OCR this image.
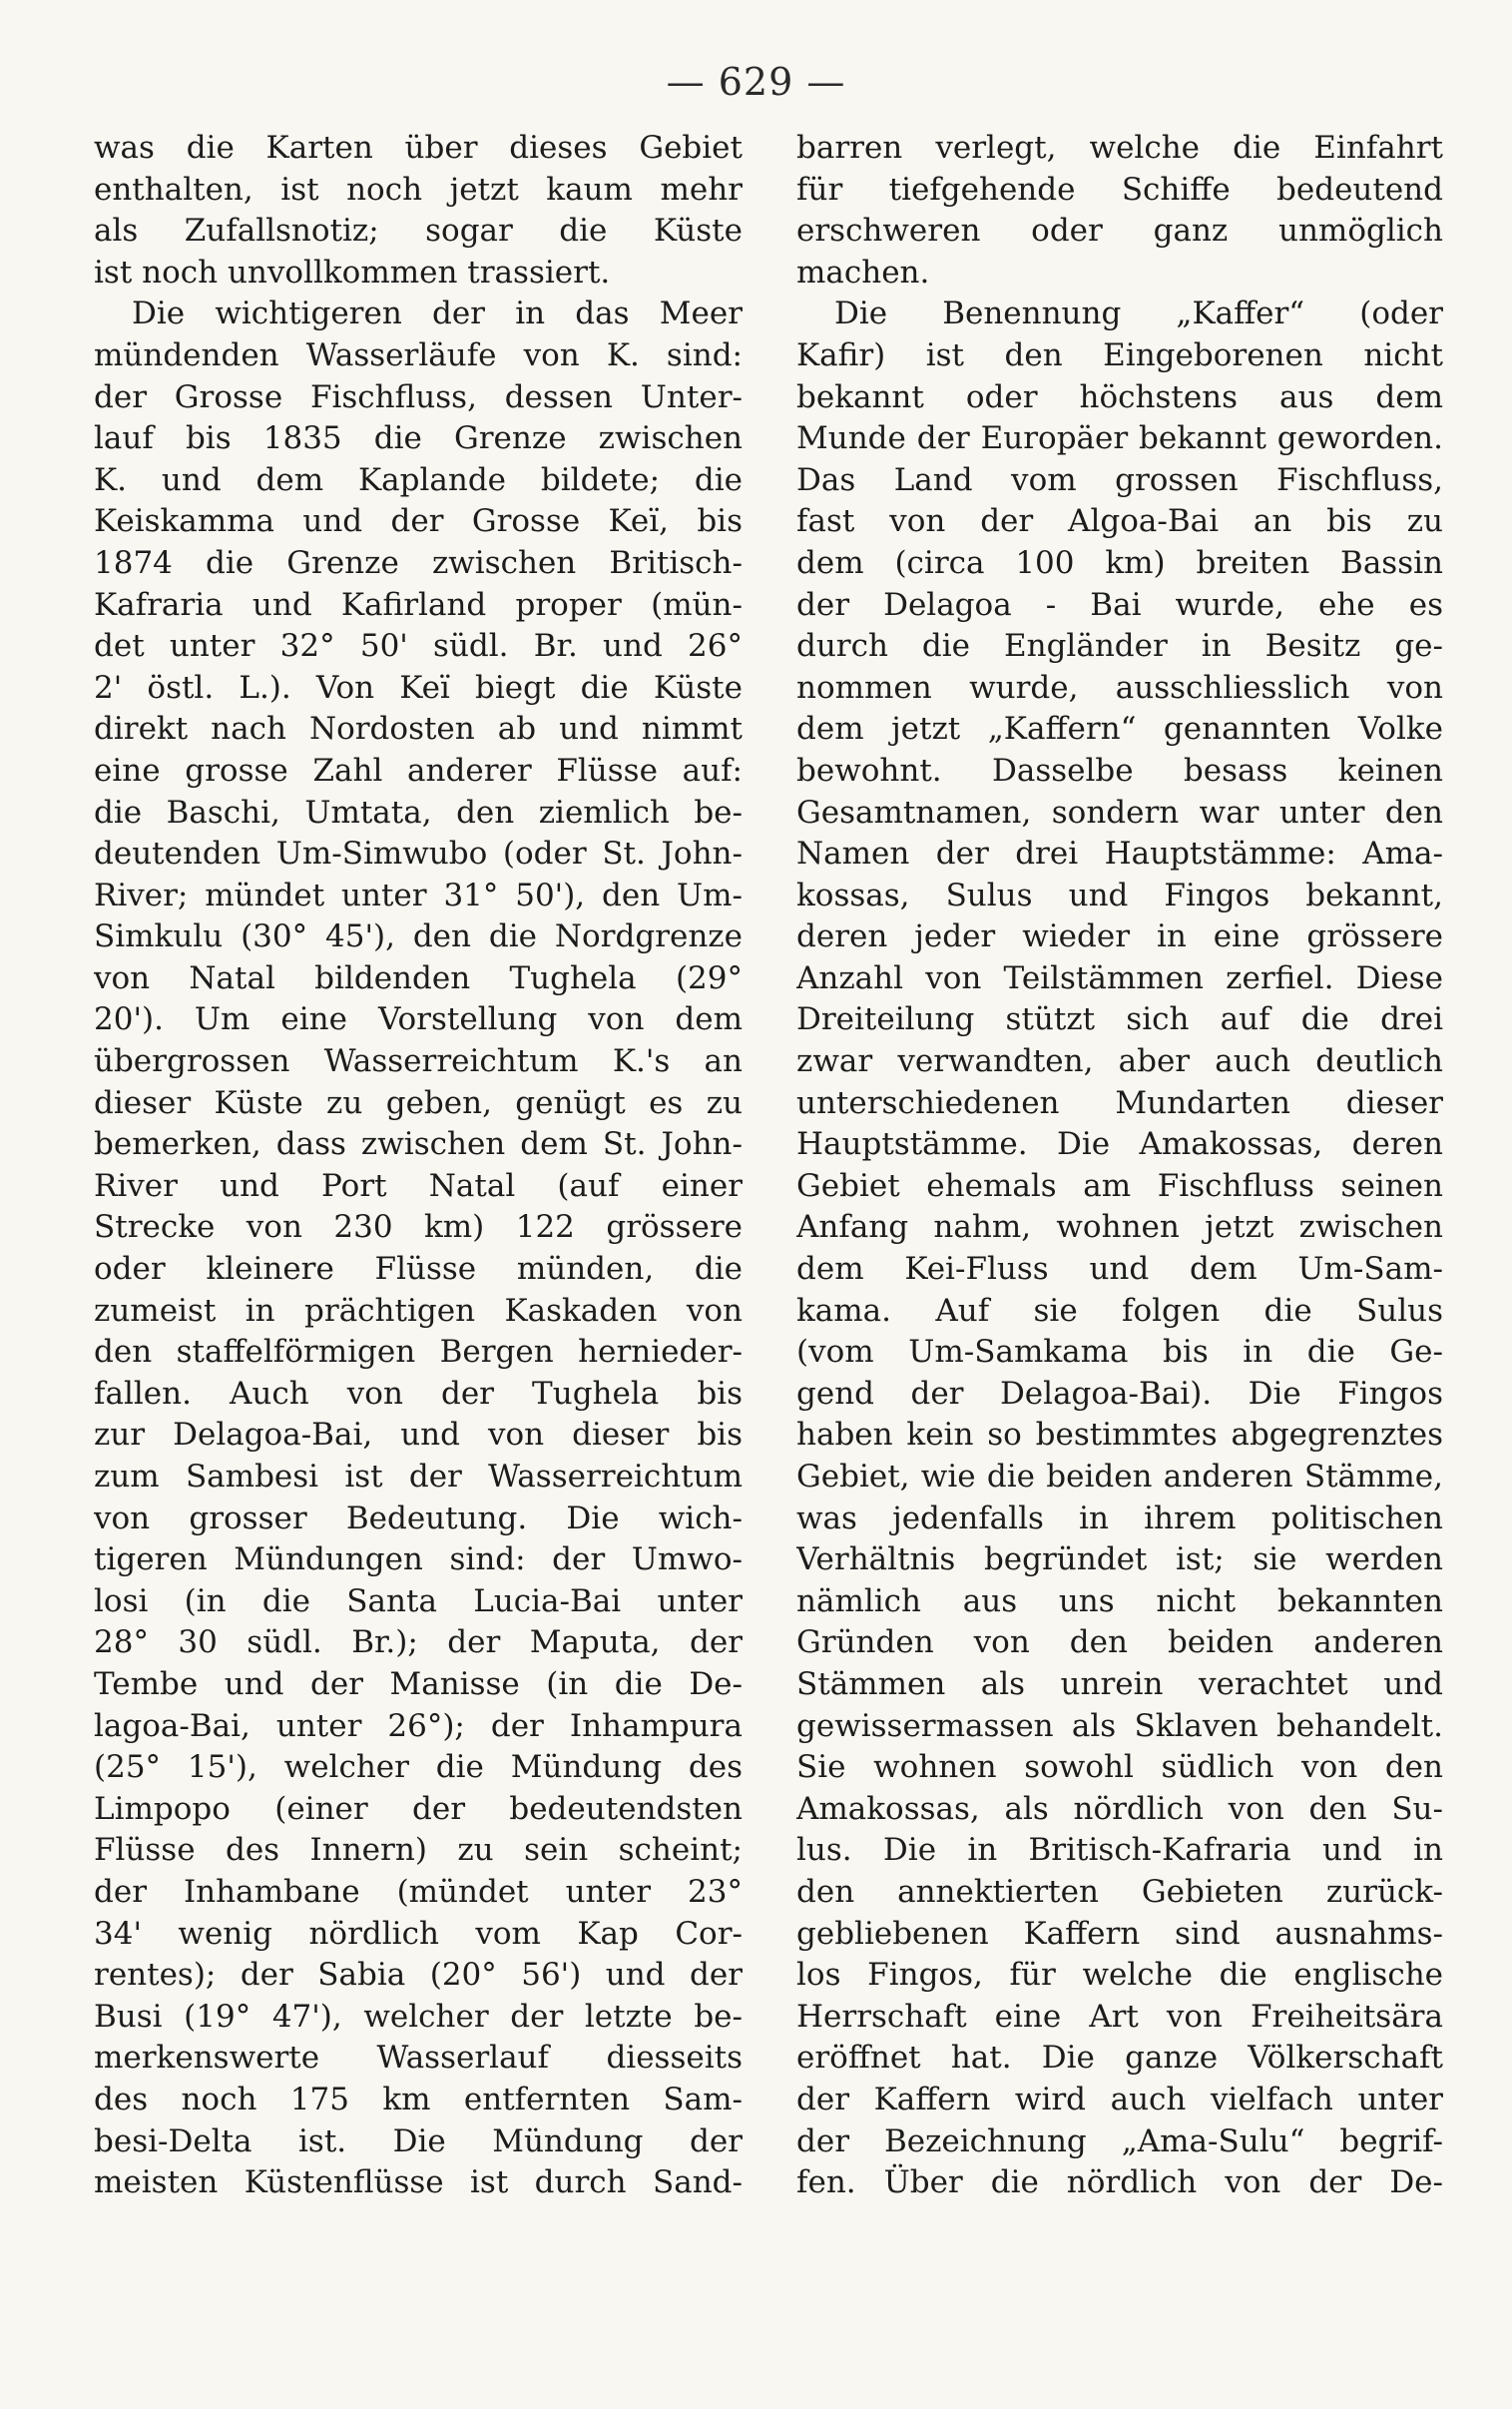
— 629 —
was die Karten über dieses Gebiet
enthalten, ist noch jetzt kaum mehr
als Zufallsnotiz; sogar die Küste
ist noch unvollkommen trassiert.
Die wichtigeren der in das Meer
mündenden Wasserläufe von K. sind:
der Grosse Fischfluss, dessen Unter-
lauf bis 1835 die Grenze zwischen
K. und dem Kaplande bildete; die
Keiskamma und der Grosse Keï, bis
1874 die Grenze zwischen Britisch-
Kafraria und Kafirland proper (mün-
det unter 32° 50' südl. Br. und 26°
2' östl. L.). Von Keï biegt die Küste
direkt nach Nordosten ab und nimmt
eine grosse Zahl anderer Flüsse auf:
die Baschi, Umtata, den ziemlich be-
deutenden Um-Simwubo (oder St. John-
River; mündet unter 31° 50'), den Um-
Simkulu (30° 45'), den die Nordgrenze
von Natal bildenden Tughela (29°
20'). Um eine Vorstellung von dem
übergrossen Wasserreichtum K.'s an
dieser Küste zu geben, genügt es zu
bemerken, dass zwischen dem St. John-
River und Port Natal (auf einer
Strecke von 230 km) 122 grössere
oder kleinere Flüsse münden, die
zumeist in prächtigen Kaskaden von
den staffelförmigen Bergen hernieder-
fallen. Auch von der Tughela bis
zur Delagoa-Bai, und von dieser bis
zum Sambesi ist der Wasserreichtum
von grosser Bedeutung. Die wich-
tigeren Mündungen sind: der Umwo-
losi (in die Santa Lucia-Bai unter
28° 30 südl. Br.); der Maputa, der
Tembe und der Manisse (in die De-
lagoa-Bai, unter 26°); der Inhampura
(25° 15'), welcher die Mündung des
Limpopo (einer der bedeutendsten
Flüsse des Innern) zu sein scheint;
der Inhambane (mündet unter 23°
34' wenig nördlich vom Kap Cor-
rentes); der Sabia (20° 56') und der
Busi (19° 47'), welcher der letzte be-
merkenswerte Wasserlauf diesseits
des noch 175 km entfernten Sam-
besi-Delta ist. Die Mündung der
meisten Küstenflüsse ist durch Sand-
barren verlegt, welche die Einfahrt
für tiefgehende Schiffe bedeutend
erschweren oder ganz unmöglich
machen.
Die Benennung „Kaffer“ (oder
Kafir) ist den Eingeborenen nicht
bekannt oder höchstens aus dem
Munde der Europäer bekannt geworden.
Das Land vom grossen Fischfluss,
fast von der Algoa-Bai an bis zu
dem (circa 100 km) breiten Bassin
der Delagoa - Bai wurde, ehe es
durch die Engländer in Besitz ge-
nommen wurde, ausschliesslich von
dem jetzt „Kaffern“ genannten Volke
bewohnt. Dasselbe besass keinen
Gesamtnamen, sondern war unter den
Namen der drei Hauptstämme: Ama-
kossas, Sulus und Fingos bekannt,
deren jeder wieder in eine grössere
Anzahl von Teilstämmen zerfiel. Diese
Dreiteilung stützt sich auf die drei
zwar verwandten, aber auch deutlich
unterschiedenen Mundarten dieser
Hauptstämme. Die Amakossas, deren
Gebiet ehemals am Fischfluss seinen
Anfang nahm, wohnen jetzt zwischen
dem Kei-Fluss und dem Um-Sam-
kama. Auf sie folgen die Sulus
(vom Um-Samkama bis in die Ge-
gend der Delagoa-Bai). Die Fingos
haben kein so bestimmtes abgegrenztes
Gebiet, wie die beiden anderen Stämme,
was jedenfalls in ihrem politischen
Verhältnis begründet ist; sie werden
nämlich aus uns nicht bekannten
Gründen von den beiden anderen
Stämmen als unrein verachtet und
gewissermassen als Sklaven behandelt.
Sie wohnen sowohl südlich von den
Amakossas, als nördlich von den Su-
lus. Die in Britisch-Kafraria und in
den annektierten Gebieten zurück-
gebliebenen Kaffern sind ausnahms-
los Fingos, für welche die englische
Herrschaft eine Art von Freiheitsära
eröffnet hat. Die ganze Völkerschaft
der Kaffern wird auch vielfach unter
der Bezeichnung „Ama-Sulu“ begrif-
fen. Über die nördlich von der De-
